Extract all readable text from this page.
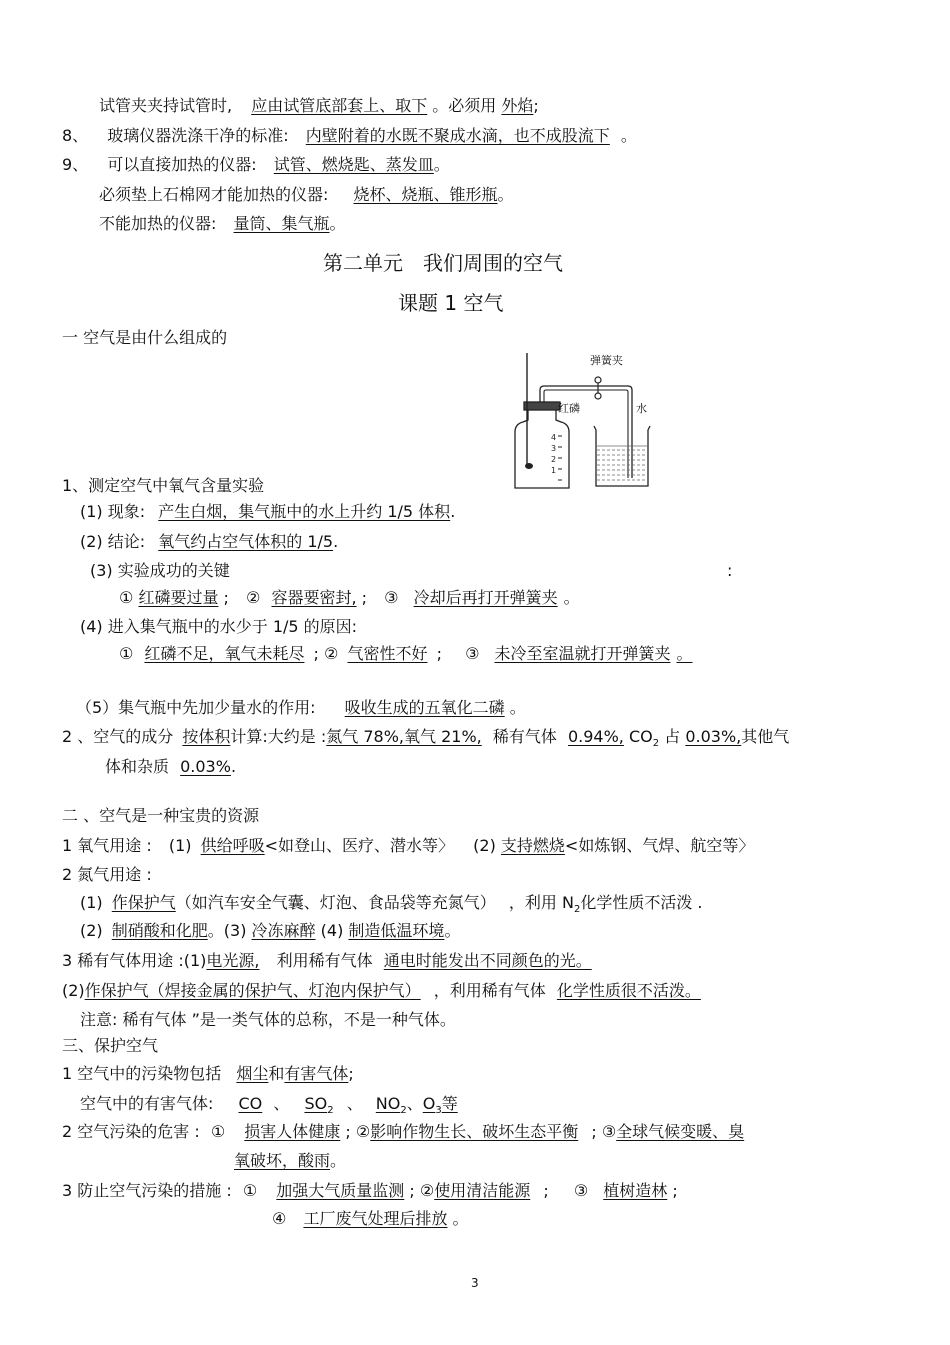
试管夹夹持试管时, 应由试管底部套上、取下 。必须用 外焰;
8、 玻璃仪器洗涤干净的标准: 内壁附着的水既不聚成水滴，也不成股流下 。
9、 可以直接加热的仪器: 试管、燃烧匙、蒸发皿。
必须垫上石棉网才能加热的仪器: 烧杯、烧瓶、锥形瓶。
不能加热的仪器: 量筒、集气瓶。
第二单元　我们周围的空气
课题 1 空气
一 空气是由什么组成的
4
3
2
1
弹簧夹
红磷	水
1、测定空气中氧气含量实验
(1) 现象: 产生白烟，集气瓶中的水上升约 1/5 体积.
(2) 结论: 氧气约占空气体积的 1/5.
(3) 实验成功的关键	:
① 红磷要过量 ; ② 容器要密封, ; ③ 冷却后再打开弹簧夹 。
(4) 进入集气瓶中的水少于 1/5 的原因:
① 红磷不足，氧气未耗尽 ; ② 气密性不好 ; ③ 未冷至室温就打开弹簧夹 。
（5）集气瓶中先加少量水的作用: 吸收生成的五氧化二磷 。
2 、空气的成分 按体积计算:大约是 :氮气 78%,氧气 21%, 稀有气体 0.94%, $CO_2$ 占 0.03%,其他气
体和杂质 0.03%.
二 、空气是一种宝贵的资源
1 氧气用途 : (1) 供给呼吸<如登山、医疗、潜水等〉 (2) 支持燃烧<如炼钢、气焊、航空等〉
2 氮气用途 :
(1) 作保护气（如汽车安全气囊、灯泡、食品袋等充氮气） ，利用 $N_2$化学性质不活泼 .
(2) 制硝酸和化肥。(3) 冷冻麻醉 (4) 制造低温环境。
3 稀有气体用途 :(1)电光源, 利用稀有气体 通电时能发出不同颜色的光。
(2)作保护气（焊接金属的保护气、灯泡内保护气） ，利用稀有气体 化学性质很不活泼。
注意: 稀有气体 ”是一类气体的总称，不是一种气体。
三、保护空气
1 空气中的污染物包括 烟尘和有害气体;
空气中的有害气体: CO 、 $SO_2$ 、 $NO_2$、$O_3$等
2 空气污染的危害 : ① 损害人体健康 ; ②影响作物生长、破坏生态平衡 ; ③全球气候变暖、臭
氧破坏，酸雨。
3 防止空气污染的措施 : ① 加强大气质量监测 ; ②使用清洁能源 ; ③ 植树造林 ;
④ 工厂废气处理后排放 。
3
